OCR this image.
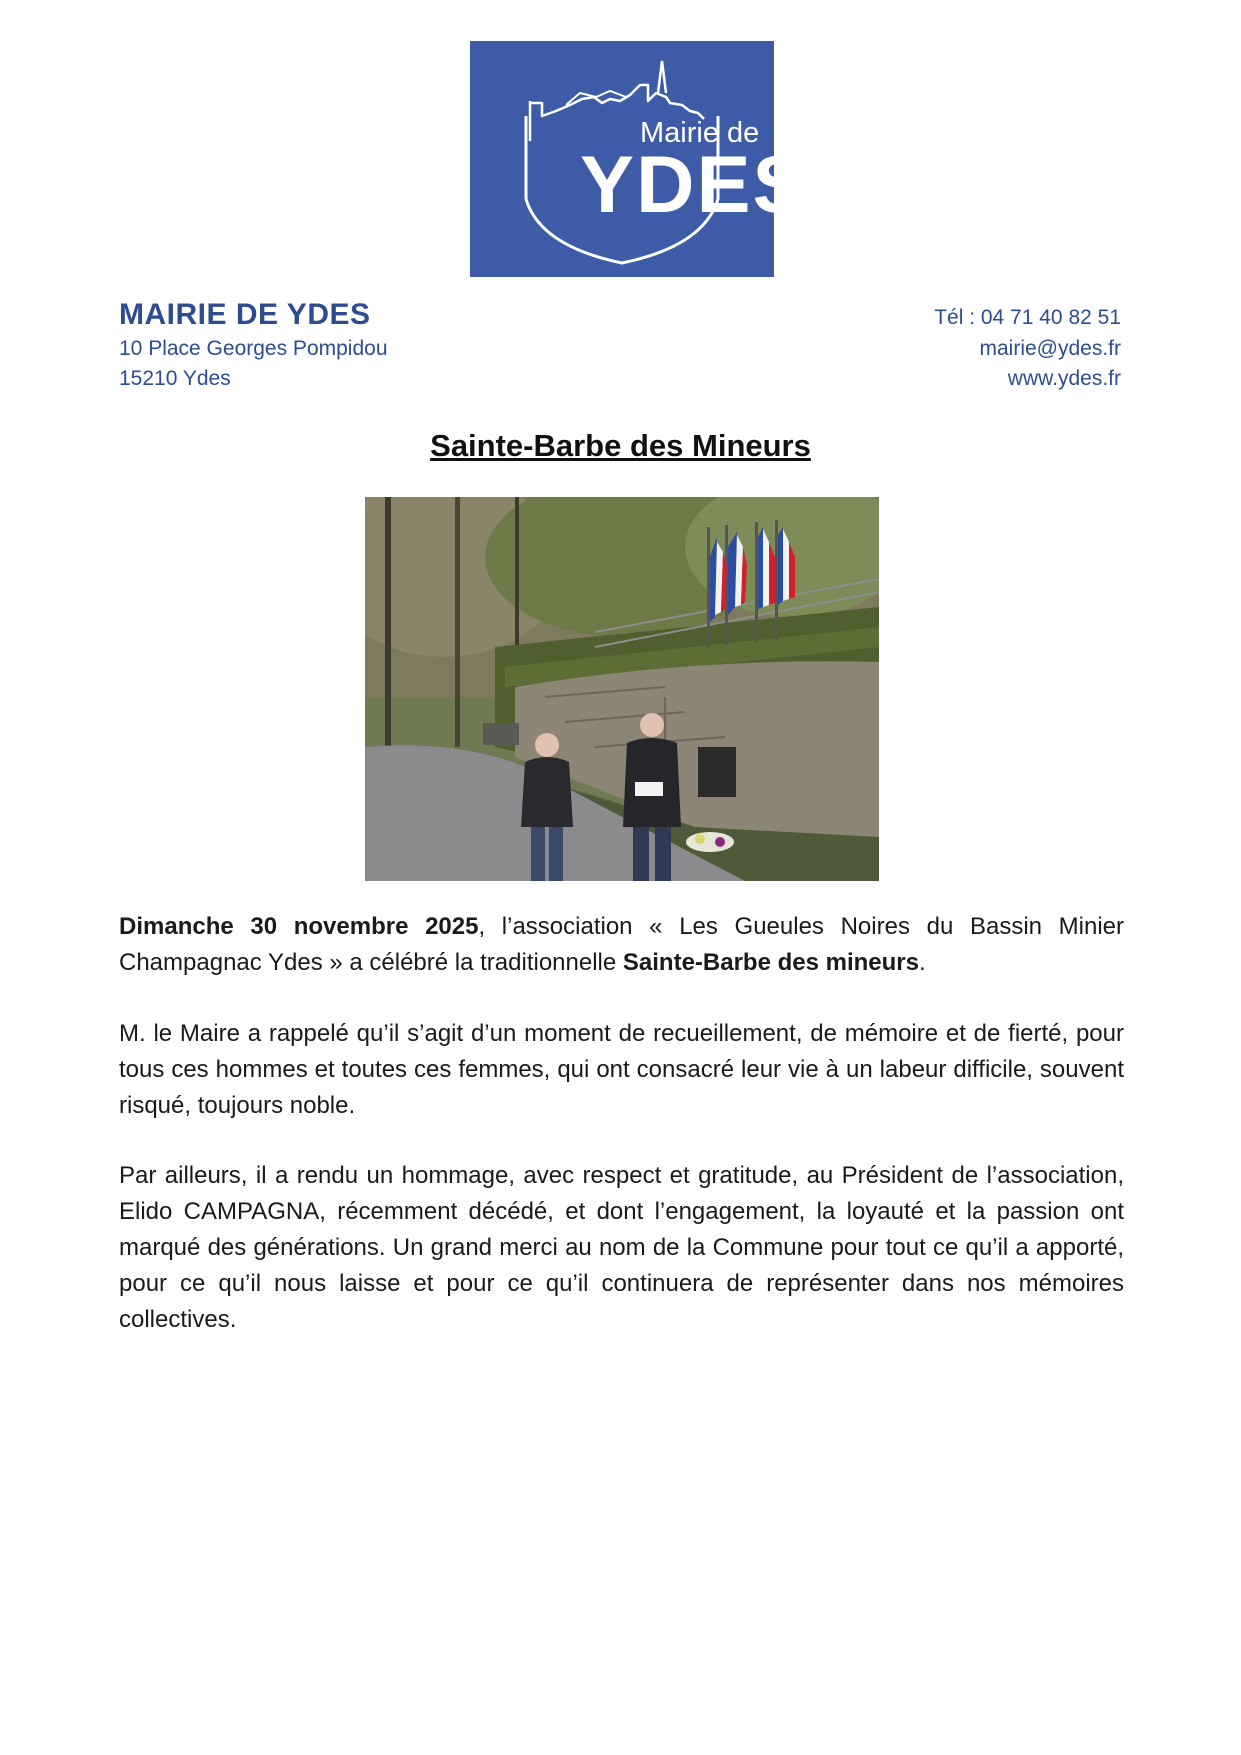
Mairie de
YDES
MAIRIE DE YDES
10 Place Georges Pompidou
15210 Ydes
Tél : 04 71 40 82 51
mairie@ydes.fr
www.ydes.fr
Sainte-Barbe des Mineurs

Dimanche 30 novembre 2025, l’association « Les Gueules Noires du Bassin Minier Champagnac Ydes » a célébré la traditionnelle Sainte-Barbe des mineurs.

M. le Maire a rappelé qu’il s’agit d’un moment de recueillement, de mémoire et de fierté, pour tous ces hommes et toutes ces femmes, qui ont consacré leur vie à un labeur difficile, souvent risqué, toujours noble.

Par ailleurs, il a rendu un hommage, avec respect et gratitude, au Président de l’association, Elido CAMPAGNA, récemment décédé, et dont l’engagement, la loyauté et la passion ont marqué des générations. Un grand merci au nom de la Commune pour tout ce qu’il a apporté, pour ce qu’il nous laisse et pour ce qu’il continuera de représenter dans nos mémoires collectives.
